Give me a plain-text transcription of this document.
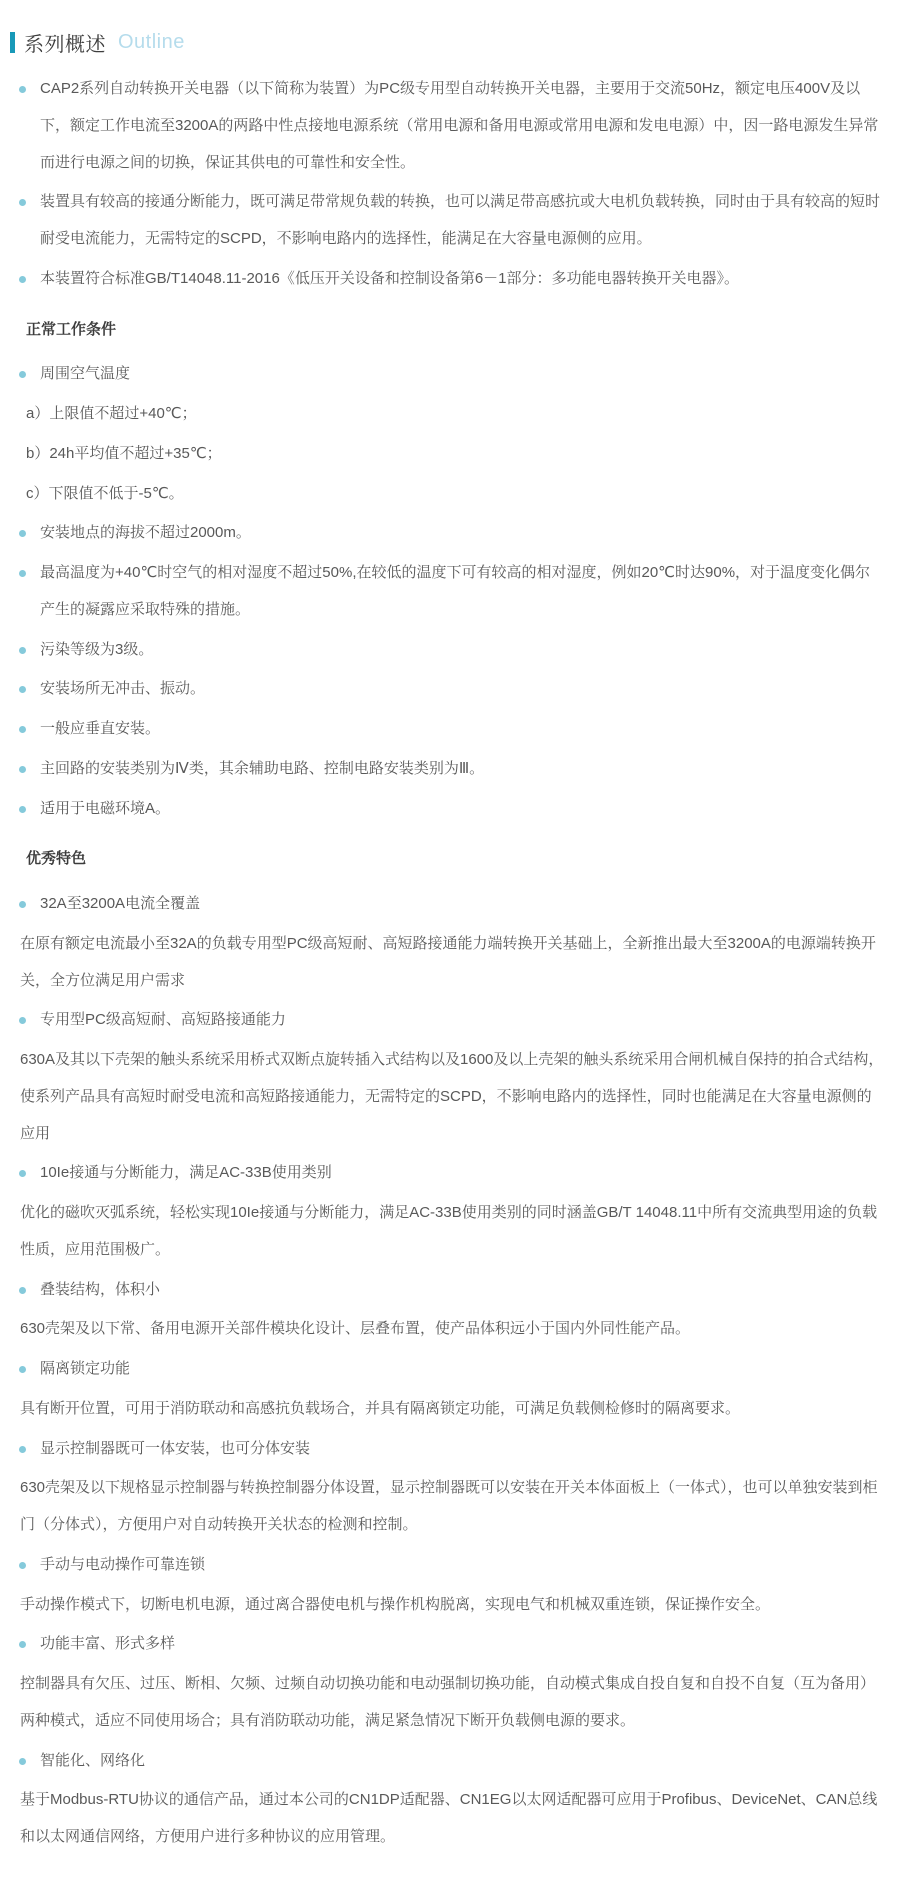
系列概述 Outline
CAP2系列自动转换开关电器（以下简称为装置）为PC级专用型自动转换开关电器，主要用于交流50Hz，额定电压400V及以下，额定工作电流至3200A的两路中性点接地电源系统（常用电源和备用电源或常用电源和发电电源）中，因一路电源发生异常而进行电源之间的切换，保证其供电的可靠性和安全性。
装置具有较高的接通分断能力，既可满足带常规负载的转换，也可以满足带高感抗或大电机负载转换，同时由于具有较高的短时耐受电流能力，无需特定的SCPD，不影响电路内的选择性，能满足在大容量电源侧的应用。
本装置符合标准GB/T14048.11-2016《低压开关设备和控制设备第6－1部分：多功能电器转换开关电器》。
正常工作条件
周围空气温度
a）上限值不超过+40℃；
b）24h平均值不超过+35℃；
c）下限值不低于-5℃。
安装地点的海拔不超过2000m。
最高温度为+40℃时空气的相对湿度不超过50%,在较低的温度下可有较高的相对湿度，例如20℃时达90%，对于温度变化偶尔产生的凝露应采取特殊的措施。
污染等级为3级。
安装场所无冲击、振动。
一般应垂直安装。
主回路的安装类别为Ⅳ类，其余辅助电路、控制电路安装类别为Ⅲ。
适用于电磁环境A。
优秀特色
32A至3200A电流全覆盖
在原有额定电流最小至32A的负载专用型PC级高短耐、高短路接通能力端转换开关基础上，全新推出最大至3200A的电源端转换开关，全方位满足用户需求
专用型PC级高短耐、高短路接通能力
630A及其以下壳架的触头系统采用桥式双断点旋转插入式结构以及1600及以上壳架的触头系统采用合闸机械自保持的拍合式结构，使系列产品具有高短时耐受电流和高短路接通能力，无需特定的SCPD，不影响电路内的选择性，同时也能满足在大容量电源侧的应用
10Ie接通与分断能力，满足AC-33B使用类别
优化的磁吹灭弧系统，轻松实现10Ie接通与分断能力，满足AC-33B使用类别的同时涵盖GB/T 14048.11中所有交流典型用途的负载性质，应用范围极广。
叠装结构，体积小
630壳架及以下常、备用电源开关部件模块化设计、层叠布置，使产品体积远小于国内外同性能产品。
隔离锁定功能
具有断开位置，可用于消防联动和高感抗负载场合，并具有隔离锁定功能，可满足负载侧检修时的隔离要求。
显示控制器既可一体安装，也可分体安装
630壳架及以下规格显示控制器与转换控制器分体设置，显示控制器既可以安装在开关本体面板上（一体式），也可以单独安装到柜门（分体式），方便用户对自动转换开关状态的检测和控制。
手动与电动操作可靠连锁
手动操作模式下，切断电机电源，通过离合器使电机与操作机构脱离，实现电气和机械双重连锁，保证操作安全。
功能丰富、形式多样
控制器具有欠压、过压、断相、欠频、过频自动切换功能和电动强制切换功能，自动模式集成自投自复和自投不自复（互为备用）两种模式，适应不同使用场合；具有消防联动功能，满足紧急情况下断开负载侧电源的要求。
智能化、网络化
基于Modbus-RTU协议的通信产品，通过本公司的CN1DP适配器、CN1EG以太网适配器可应用于Profibus、DeviceNet、CAN总线和以太网通信网络，方便用户进行多种协议的应用管理。
